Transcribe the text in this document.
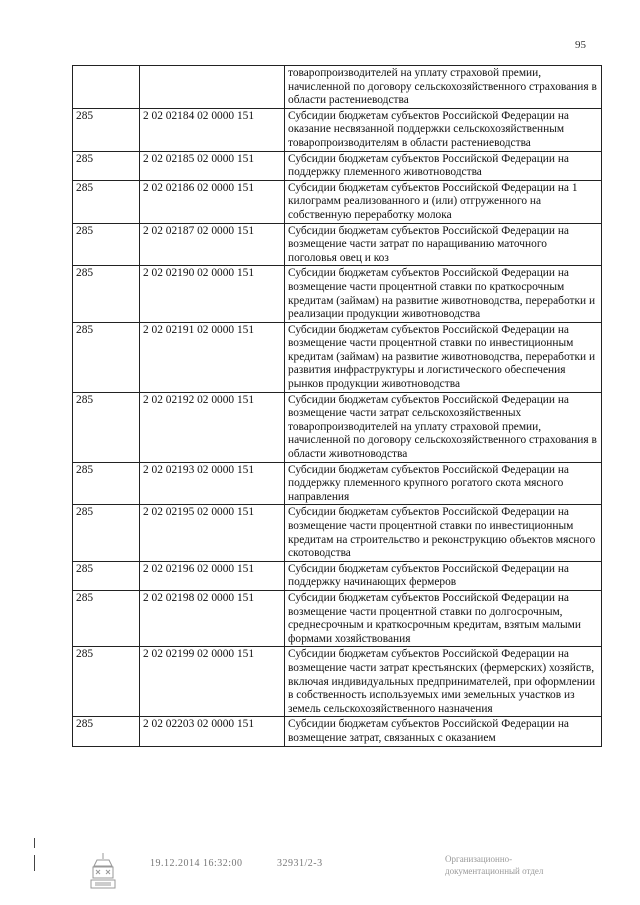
95
		товаропроизводителей на уплату страховой премии, начисленной по договору сельскохозяйственного страхования в области растениеводства
285	2 02 02184 02 0000 151	Субсидии бюджетам субъектов Российской Федерации на оказание несвязанной поддержки сельскохозяйственным товаропроизводителям в области растениеводства
285	2 02 02185 02 0000 151	Субсидии бюджетам субъектов Российской Федерации на поддержку племенного животноводства
285	2 02 02186 02 0000 151	Субсидии бюджетам субъектов Российской Федерации на 1 килограмм реализованного и (или) отгруженного на собственную переработку молока
285	2 02 02187 02 0000 151	Субсидии бюджетам субъектов Российской Федерации на возмещение части затрат по наращиванию маточного поголовья овец и коз
285	2 02 02190 02 0000 151	Субсидии бюджетам субъектов Российской Федерации на возмещение части процентной ставки по краткосрочным кредитам (займам) на развитие животноводства, переработки и реализации продукции животноводства
285	2 02 02191 02 0000 151	Субсидии бюджетам субъектов Российской Федерации на возмещение части процентной ставки по инвестиционным кредитам (займам) на развитие животноводства, переработки и развития инфраструктуры и логистического обеспечения рынков продукции животноводства
285	2 02 02192 02 0000 151	Субсидии бюджетам субъектов Российской Федерации на возмещение части затрат сельскохозяйственных товаропроизводителей на уплату страховой премии, начисленной по договору сельскохозяйственного страхования в области животноводства
285	2 02 02193 02 0000 151	Субсидии бюджетам субъектов Российской Федерации на поддержку племенного крупного рогатого скота мясного направления
285	2 02 02195 02 0000 151	Субсидии бюджетам субъектов Российской Федерации на возмещение части процентной ставки по инвестиционным кредитам на строительство и реконструкцию объектов мясного скотоводства
285	2 02 02196 02 0000 151	Субсидии бюджетам субъектов Российской Федерации на поддержку начинающих фермеров
285	2 02 02198 02 0000 151	Субсидии бюджетам субъектов Российской Федерации на возмещение части процентной ставки по долгосрочным, среднесрочным и краткосрочным кредитам, взятым малыми формами хозяйствования
285	2 02 02199 02 0000 151	Субсидии бюджетам субъектов Российской Федерации на возмещение части затрат крестьянских (фермерских) хозяйств, включая индивидуальных предпринимателей, при оформлении в собственность используемых ими земельных участков из земель сельскохозяйственного назначения
285	2 02 02203 02 0000 151	Субсидии бюджетам субъектов Российской Федерации на возмещение затрат, связанных с оказанием
19.12.2014 16:32:00	32931/2-3	Организационно-
документационный отдел
